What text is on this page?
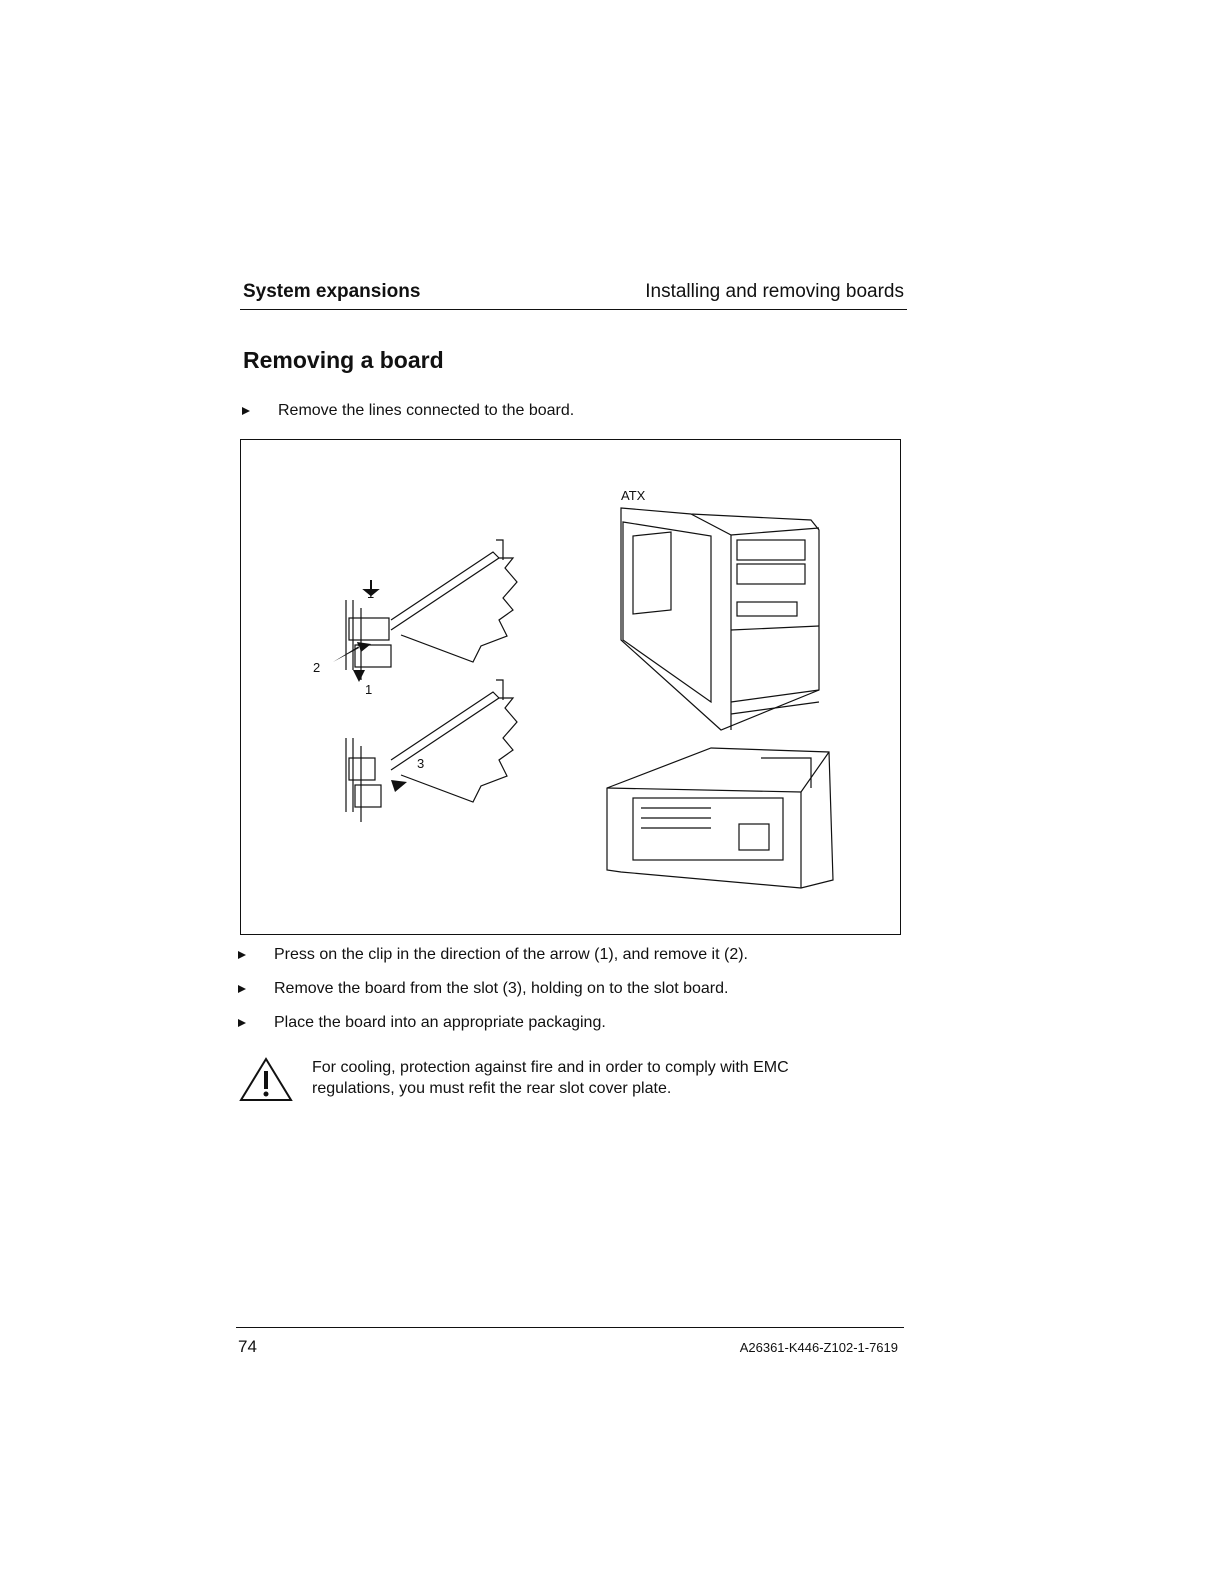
System expansions	Installing and removing boards
Removing a board
Remove the lines connected to the board.
1
2
1
3
ATX
Press on the clip in the direction of the arrow (1), and remove it (2).
Remove the board from the slot (3), holding on to the slot board.
Place the board into an appropriate packaging.
For cooling, protection against fire and in order to comply with EMC regulations, you must refit the rear slot cover plate.
74	A26361-K446-Z102-1-7619
